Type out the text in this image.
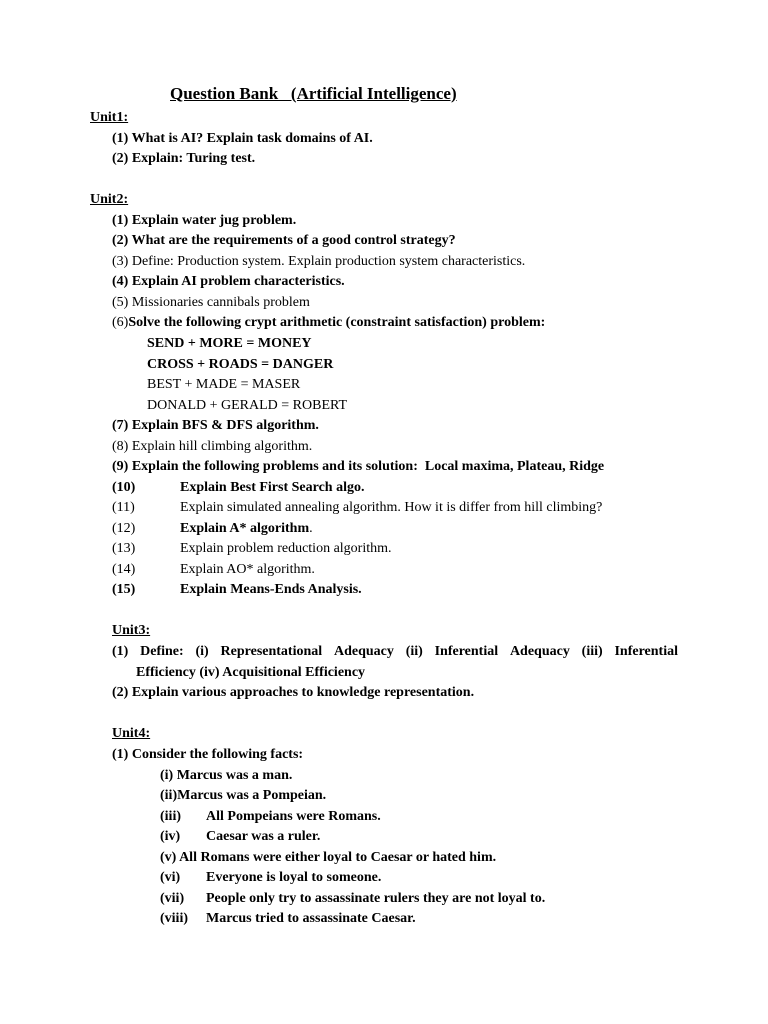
Question Bank   (Artificial Intelligence)
Unit1:
(1) What is AI? Explain task domains of AI.
(2) Explain: Turing test.
Unit2:
(1) Explain water jug problem.
(2) What are the requirements of a good control strategy?
(3) Define: Production system. Explain production system characteristics.
(4) Explain AI problem characteristics.
(5) Missionaries cannibals problem
(6)Solve the following crypt arithmetic (constraint satisfaction) problem:
SEND + MORE = MONEY
CROSS + ROADS = DANGER
BEST + MADE = MASER
DONALD + GERALD = ROBERT
(7) Explain BFS & DFS algorithm.
(8) Explain hill climbing algorithm.
(9) Explain the following problems and its solution:  Local maxima, Plateau, Ridge
(10)	Explain Best First Search algo.
(11)	Explain simulated annealing algorithm. How it is differ from hill climbing?
(12)	Explain A* algorithm.
(13)	Explain problem reduction algorithm.
(14)	Explain AO* algorithm.
(15)	Explain Means-Ends Analysis.
Unit3:
(1) Define: (i) Representational Adequacy (ii) Inferential Adequacy (iii) Inferential
Efficiency (iv) Acquisitional Efficiency
(2) Explain various approaches to knowledge representation.
Unit4:
(1) Consider the following facts:
(i) Marcus was a man.
(ii)Marcus was a Pompeian.
(iii) All Pompeians were Romans.
(iv) Caesar was a ruler.
(v) All Romans were either loyal to Caesar or hated him.
(vi) Everyone is loyal to someone.
(vii) People only try to assassinate rulers they are not loyal to.
(viii) Marcus tried to assassinate Caesar.
